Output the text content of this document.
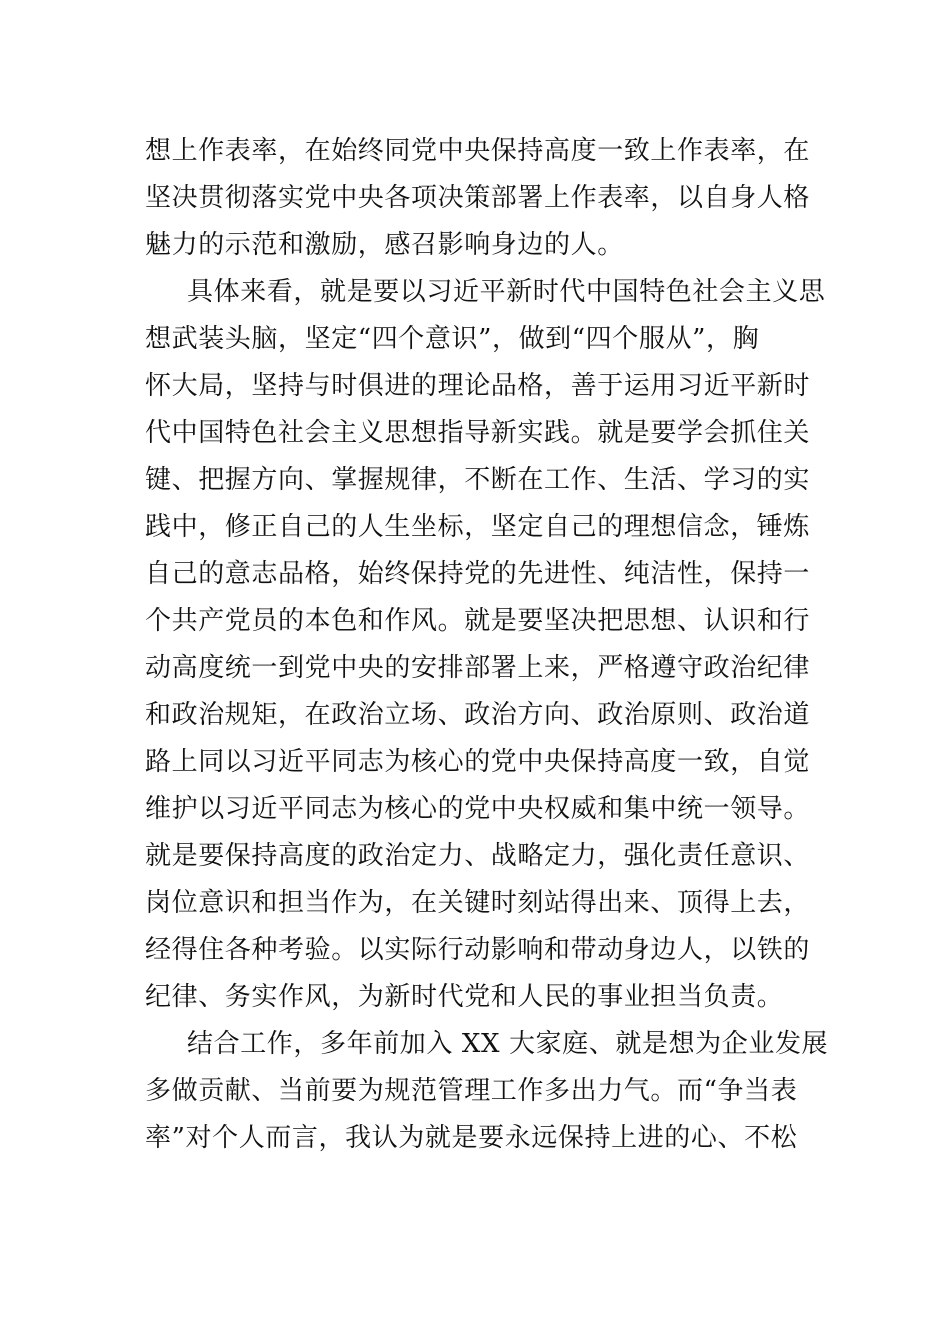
想上作表率，在始终同党中央保持高度一致上作表率，在
坚决贯彻落实党中央各项决策部署上作表率，以自身人格
魅力的示范和激励，感召影响身边的人。
具体来看，就是要以习近平新时代中国特色社会主义思
想武装头脑，坚定“四个意识”，做到“四个服从”，胸
怀大局，坚持与时俱进的理论品格，善于运用习近平新时
代中国特色社会主义思想指导新实践。就是要学会抓住关
键、把握方向、掌握规律，不断在工作、生活、学习的实
践中，修正自己的人生坐标，坚定自己的理想信念，锤炼
自己的意志品格，始终保持党的先进性、纯洁性，保持一
个共产党员的本色和作风。就是要坚决把思想、认识和行
动高度统一到党中央的安排部署上来，严格遵守政治纪律
和政治规矩，在政治立场、政治方向、政治原则、政治道
路上同以习近平同志为核心的党中央保持高度一致，自觉
维护以习近平同志为核心的党中央权威和集中统一领导。
就是要保持高度的政治定力、战略定力，强化责任意识、
岗位意识和担当作为，在关键时刻站得出来、顶得上去，
经得住各种考验。以实际行动影响和带动身边人，以铁的
纪律、务实作风，为新时代党和人民的事业担当负责。
结合工作，多年前加入 XX 大家庭、就是想为企业发展
多做贡献、当前要为规范管理工作多出力气。而“争当表
率”对个人而言，我认为就是要永远保持上进的心、不松
